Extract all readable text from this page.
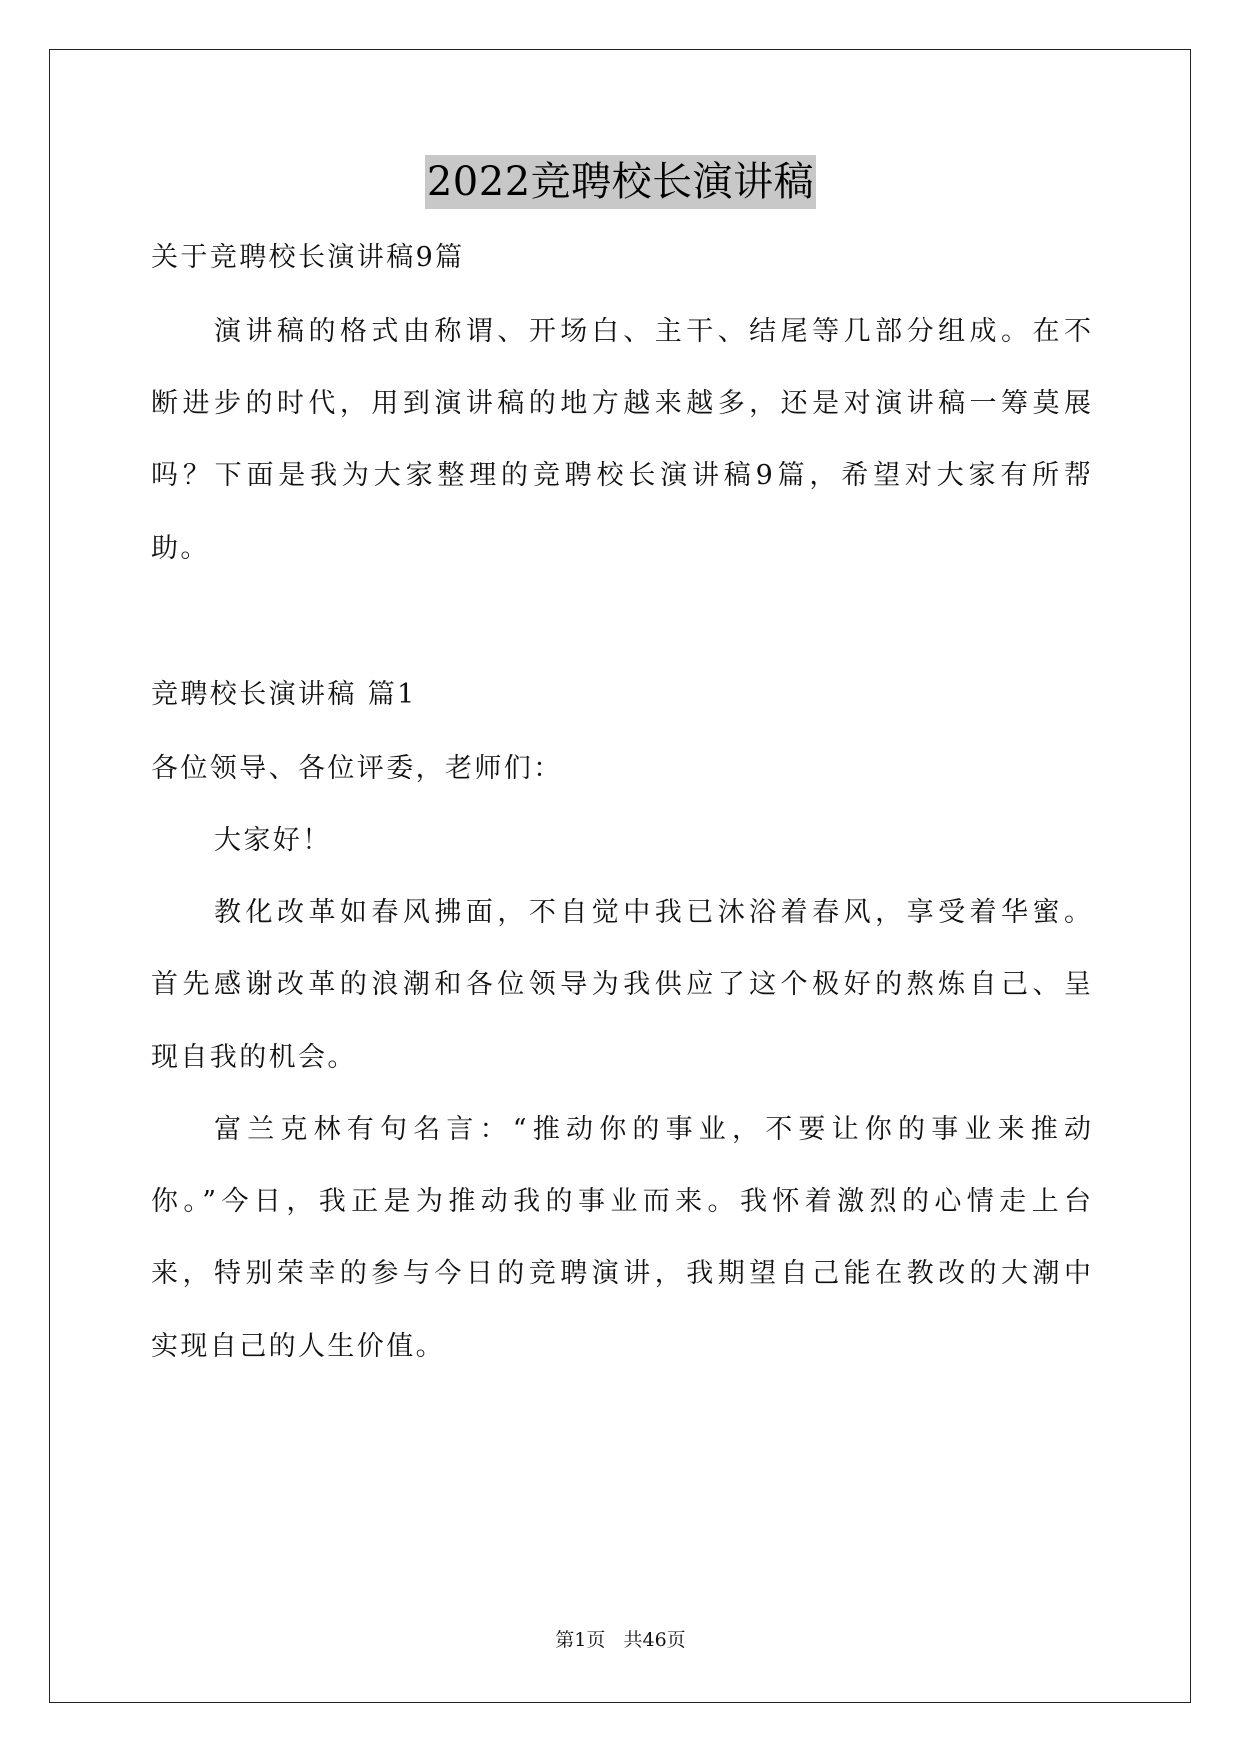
2022竞聘校长演讲稿
关于竞聘校长演讲稿9篇
演讲稿的格式由称谓、开场白、主干、结尾等几部分组成。在不
断进步的时代，用到演讲稿的地方越来越多，还是对演讲稿一筹莫展
吗？下面是我为大家整理的竞聘校长演讲稿9篇，希望对大家有所帮
助。
竞聘校长演讲稿 篇1
各位领导、各位评委，老师们：
大家好！
教化改革如春风拂面，不自觉中我已沐浴着春风，享受着华蜜。
首先感谢改革的浪潮和各位领导为我供应了这个极好的熬炼自己、呈
现自我的机会。
富兰克林有句名言：“推动你的事业，不要让你的事业来推动
你。”今日，我正是为推动我的事业而来。我怀着激烈的心情走上台
来，特别荣幸的参与今日的竞聘演讲，我期望自己能在教改的大潮中
实现自己的人生价值。
第1页   共46页
